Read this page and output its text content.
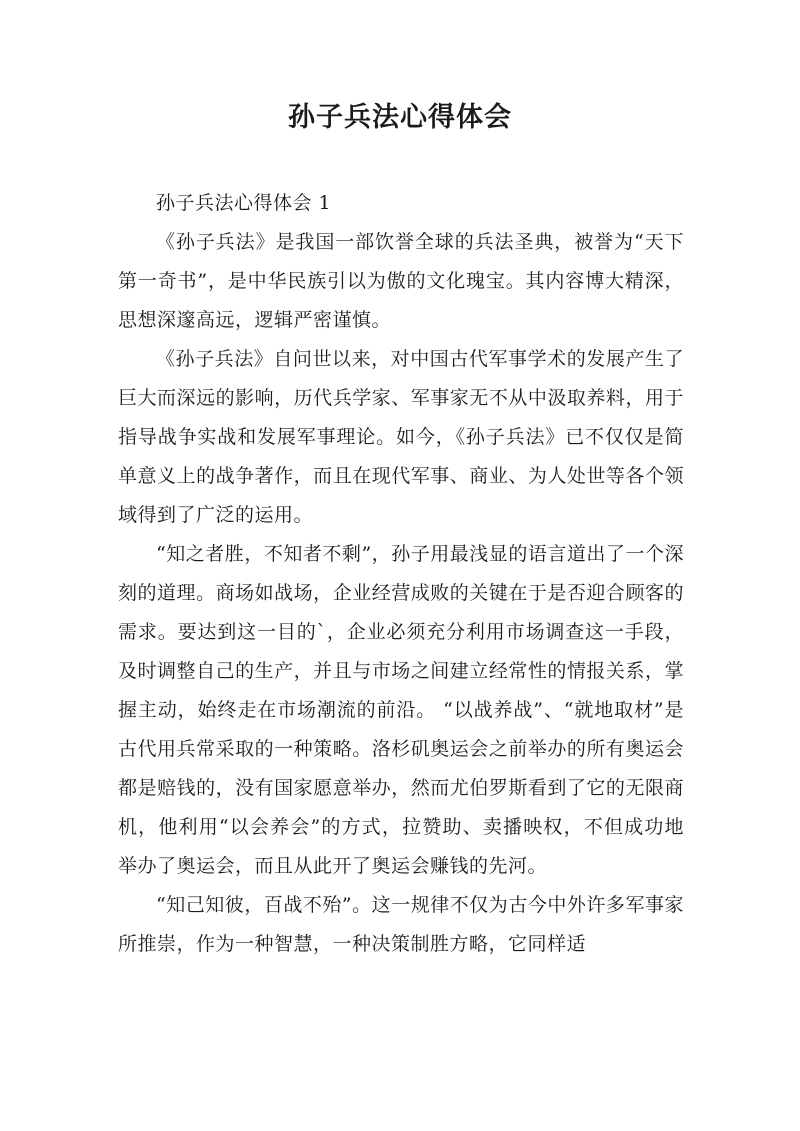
孙子兵法心得体会

孙子兵法心得体会 1

《孙子兵法》是我国一部饮誉全球的兵法圣典，被誉为“天下第一奇书”，是中华民族引以为傲的文化瑰宝。其内容博大精深，思想深邃高远，逻辑严密谨慎。

《孙子兵法》自问世以来，对中国古代军事学术的发展产生了巨大而深远的影响，历代兵学家、军事家无不从中汲取养料，用于指导战争实战和发展军事理论。如今，《孙子兵法》已不仅仅是简单意义上的战争著作，而且在现代军事、商业、为人处世等各个领域得到了广泛的运用。

“知之者胜，不知者不剩”，孙子用最浅显的语言道出了一个深刻的道理。商场如战场，企业经营成败的关键在于是否迎合顾客的需求。要达到这一目的`，企业必须充分利用市场调查这一手段，及时调整自己的生产，并且与市场之间建立经常性的情报关系，掌握主动，始终走在市场潮流的前沿。 “以战养战”、“就地取材”是古代用兵常采取的一种策略。洛杉矶奥运会之前举办的所有奥运会都是赔钱的，没有国家愿意举办，然而尤伯罗斯看到了它的无限商机，他利用“以会养会”的方式，拉赞助、卖播映权，不但成功地举办了奥运会，而且从此开了奥运会赚钱的先河。

“知己知彼，百战不殆”。这一规律不仅为古今中外许多军事家所推崇，作为一种智慧，一种决策制胜方略，它同样适
